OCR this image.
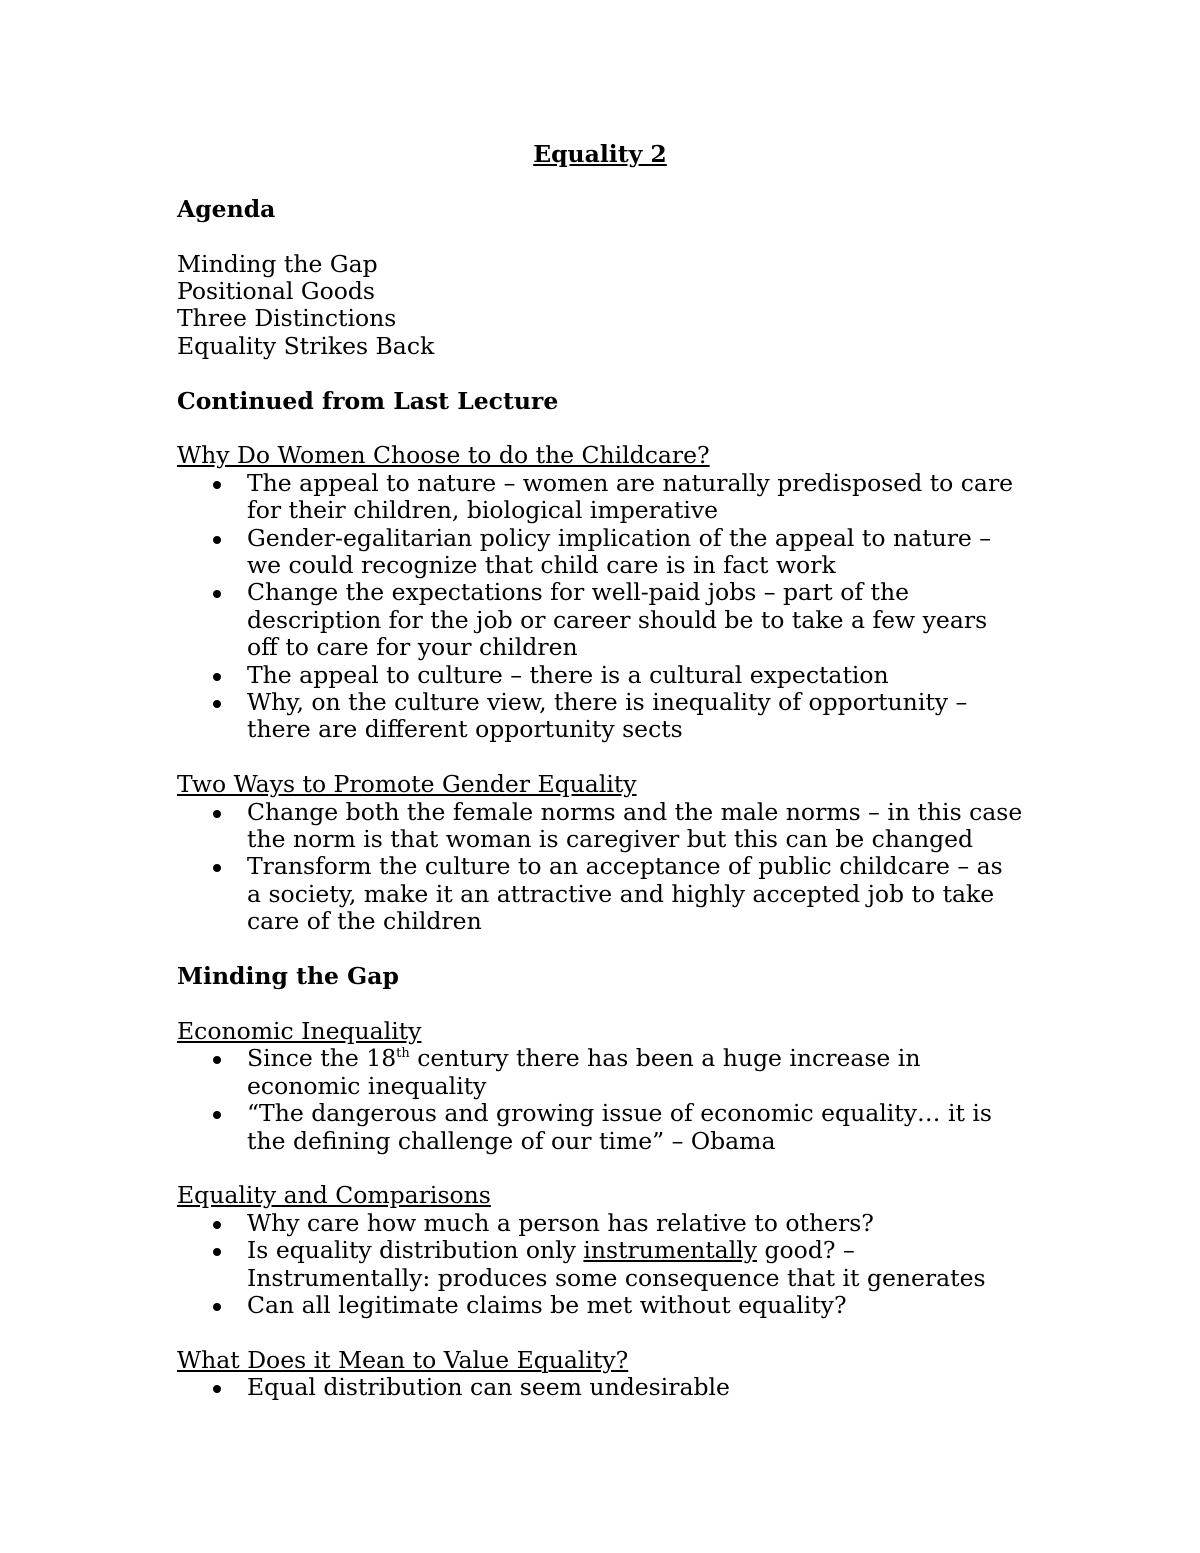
Equality 2

Agenda

Minding the Gap

Positional Goods

Three Distinctions

Equality Strikes Back

Continued from Last Lecture

Why Do Women Choose to do the Childcare?

The appeal to nature – women are naturally predisposed to care
for their children, biological imperative
Gender-egalitarian policy implication of the appeal to nature –
we could recognize that child care is in fact work
Change the expectations for well-paid jobs – part of the
description for the job or career should be to take a few years
off to care for your children
The appeal to culture – there is a cultural expectation
Why, on the culture view, there is inequality of opportunity –
there are different opportunity sects

Two Ways to Promote Gender Equality

Change both the female norms and the male norms – in this case
the norm is that woman is caregiver but this can be changed
Transform the culture to an acceptance of public childcare – as
a society, make it an attractive and highly accepted job to take
care of the children

Minding the Gap

Economic Inequality

Since the 18th century there has been a huge increase in
economic inequality
“The dangerous and growing issue of economic equality… it is
the defining challenge of our time” – Obama

Equality and Comparisons

Why care how much a person has relative to others?
Is equality distribution only instrumentally good? –
Instrumentally: produces some consequence that it generates
Can all legitimate claims be met without equality?

What Does it Mean to Value Equality?

Equal distribution can seem undesirable
